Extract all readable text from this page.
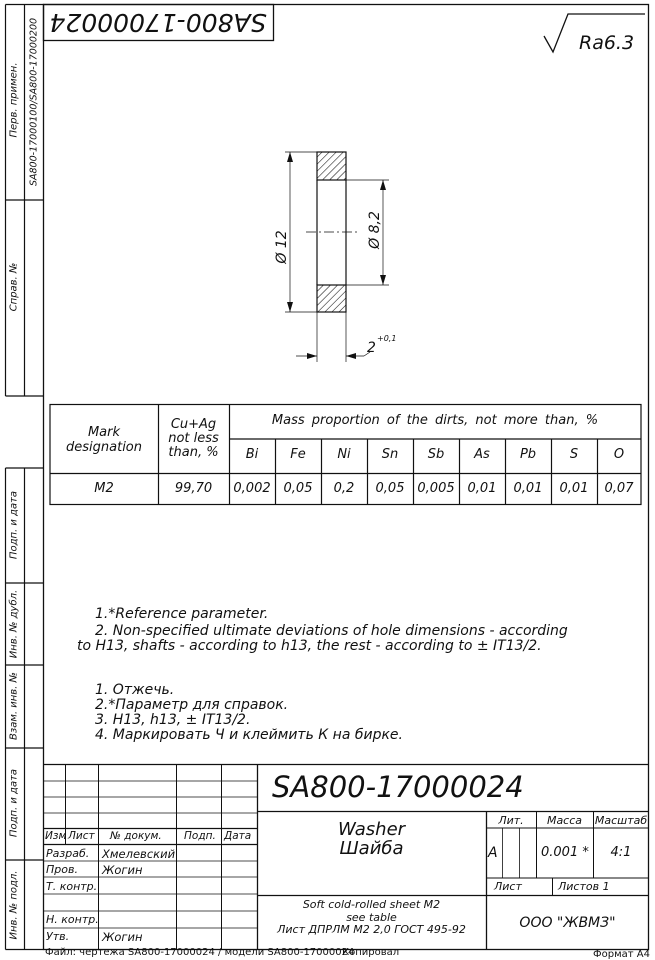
SA800-17000024
Ra6.3
Перв. примен. SA800-17000100/SA800-17000200
Справ. №
Подп. и дата
Инв. № дубл.
Взам. инв. №
Подп. и дата
Инв. № подл.
Ø 12	Ø 8,2
2
+0,1
Mark
designation
Cu+Ag
not less
than, %
Mass proportion of the dirts, not more than, %
Bi	Fe	Ni	Sn	Sb	As	Pb	S	O
M2	99,70	0,002 0,05	0,2	0,05 0,005 0,01	0,01	0,01	0,07
1.*Reference parameter.
2. Non-specified ultimate deviations of hole dimensions - according
to H13, shafts - according to h13, the rest - according to ± IT13/2.
1. Отжечь.
2.*Параметр для справок.
3. H13, h13, ± IT13/2.
4. Маркировать Ч и клеймить К на бирке.
SA800-17000024
Washer
Шайба
Изм Лист № докум. Подп. Дата
Разраб. Хмелевский
Пров. Жогин
Т. контр.
Н. контр.
Утв.	Жогин
Лит.	Масса	Масштаб
А	0.001 *	4:1
Лист	Листов 1
Soft cold-rolled sheet M2
see table
Лист ДПРЛМ М2 2,0 ГОСТ 495-92	ООО "ЖВМЗ"
Файл: чертежа SA800-17000024 / модели SA800-17000024
Копировал	Формат А4
